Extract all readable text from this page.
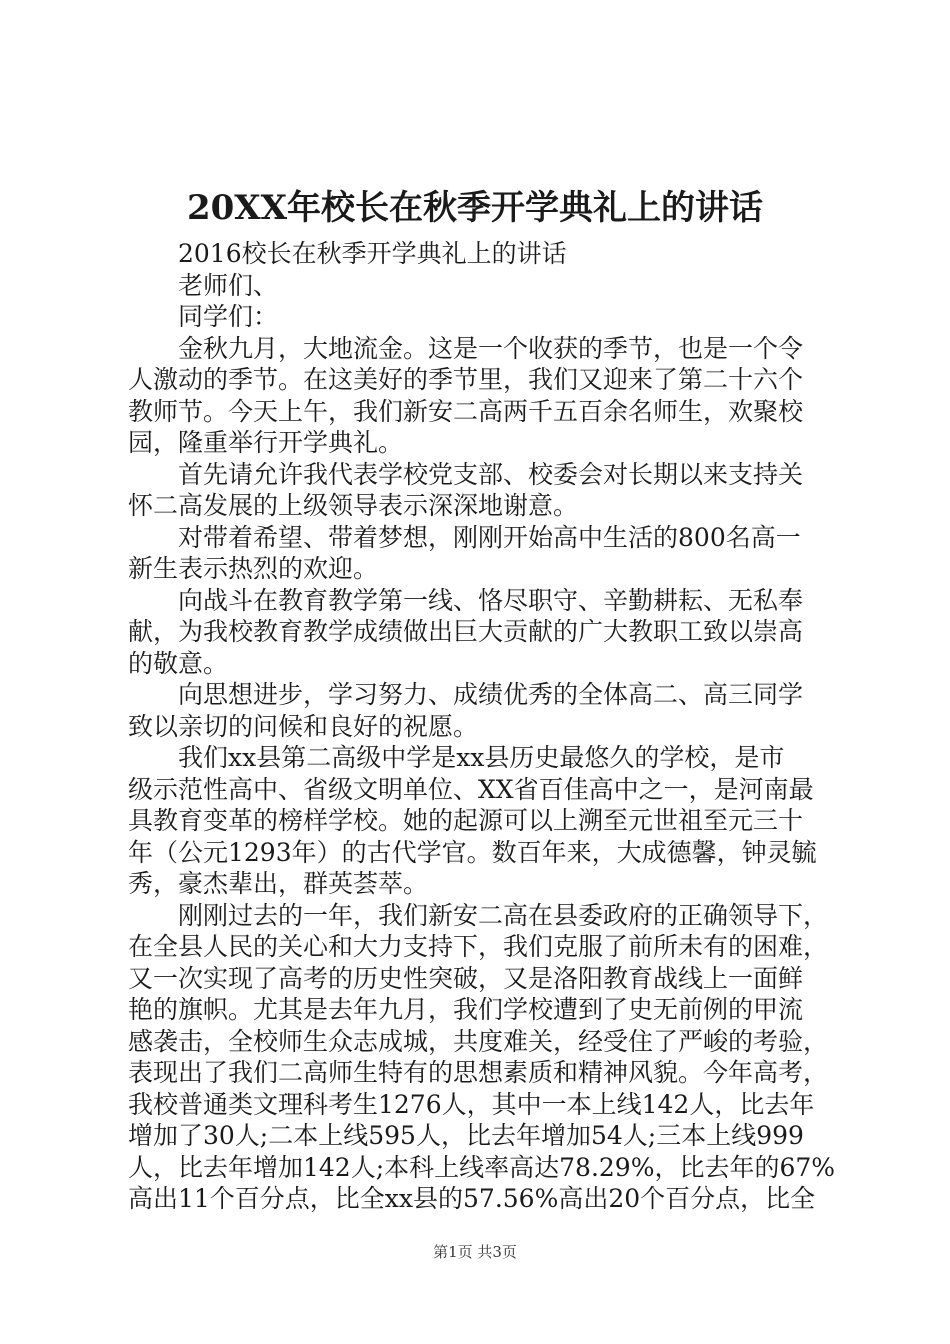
20XX年校长在秋季开学典礼上的讲话
2016校长在秋季开学典礼上的讲话
老师们、
同学们：
金秋九月，大地流金。这是一个收获的季节，也是一个令
人激动的季节。在这美好的季节里，我们又迎来了第二十六个
教师节。今天上午，我们新安二高两千五百余名师生，欢聚校
园，隆重举行开学典礼。
首先请允许我代表学校党支部、校委会对长期以来支持关
怀二高发展的上级领导表示深深地谢意。
对带着希望、带着梦想，刚刚开始高中生活的800名高一
新生表示热烈的欢迎。
向战斗在教育教学第一线、恪尽职守、辛勤耕耘、无私奉
献，为我校教育教学成绩做出巨大贡献的广大教职工致以崇高
的敬意。
向思想进步，学习努力、成绩优秀的全体高二、高三同学
致以亲切的问候和良好的祝愿。
我们xx县第二高级中学是xx县历史最悠久的学校，是市
级示范性高中、省级文明单位、XX省百佳高中之一，是河南最
具教育变革的榜样学校。她的起源可以上溯至元世祖至元三十
年（公元1293年）的古代学官。数百年来，大成德馨，钟灵毓
秀，豪杰辈出，群英荟萃。
刚刚过去的一年，我们新安二高在县委政府的正确领导下，
在全县人民的关心和大力支持下，我们克服了前所未有的困难，
又一次实现了高考的历史性突破，又是洛阳教育战线上一面鲜
艳的旗帜。尤其是去年九月，我们学校遭到了史无前例的甲流
感袭击，全校师生众志成城，共度难关，经受住了严峻的考验，
表现出了我们二高师生特有的思想素质和精神风貌。今年高考，
我校普通类文理科考生1276人，其中一本上线142人，比去年
增加了30人;二本上线595人，比去年增加54人;三本上线999
人，比去年增加142人;本科上线率高达78.29%，比去年的67%
高出11个百分点，比全xx县的57.56%高出20个百分点，比全
第1页 共3页
